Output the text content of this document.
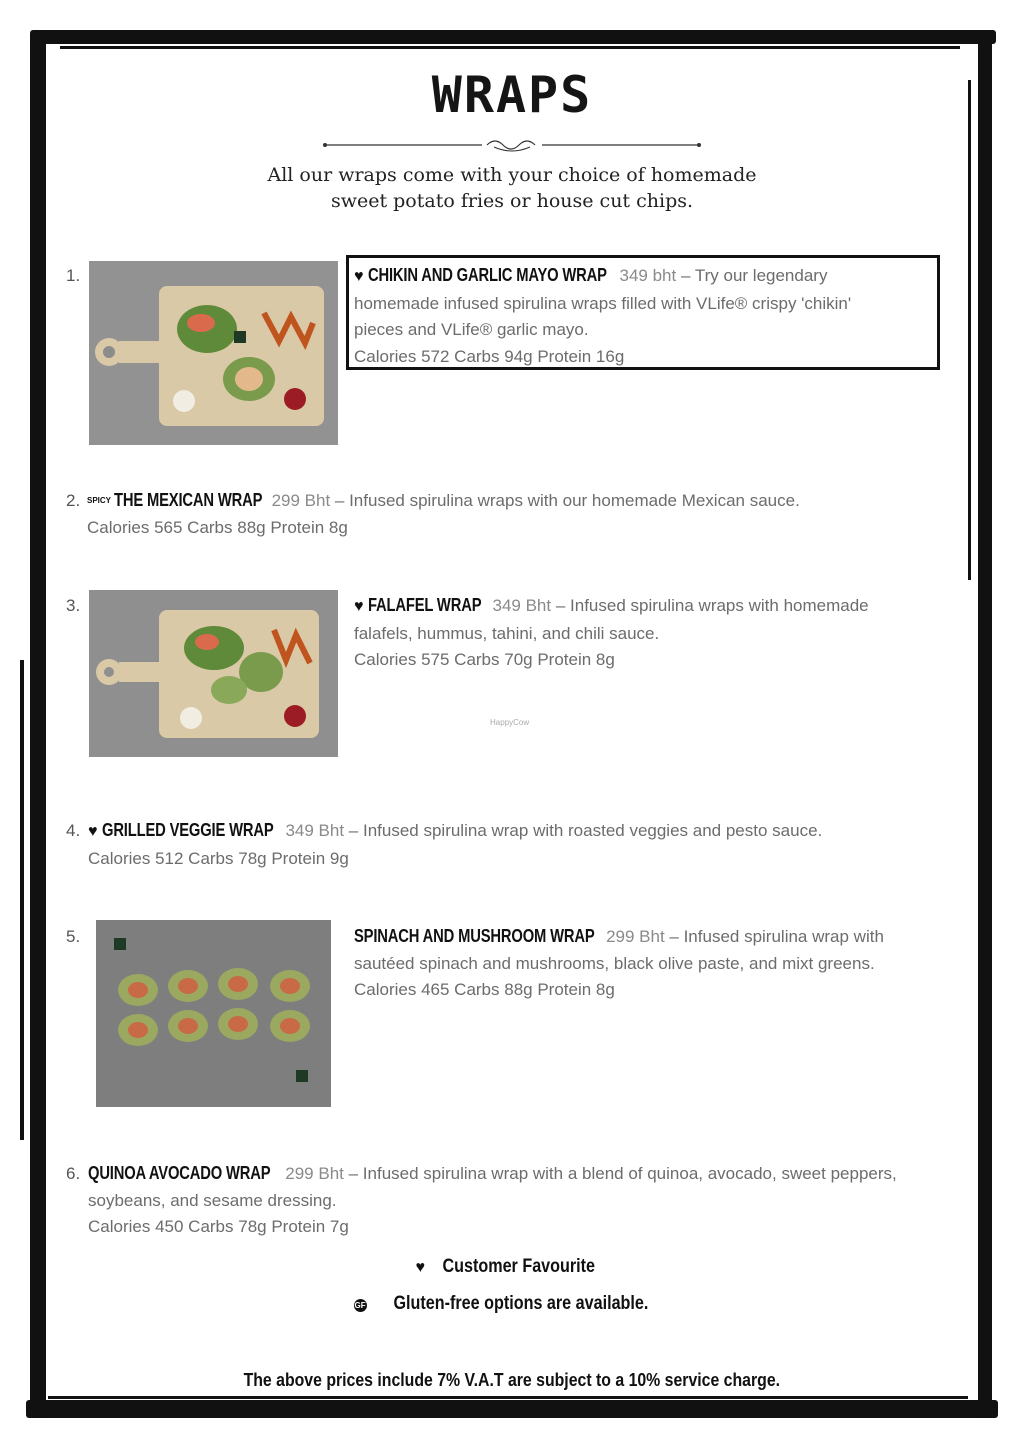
WRAPS
All our wraps come with your choice of homemade
sweet potato fries or house cut chips.
1.	♥ CHIKIN AND GARLIC MAYO WRAP 349 bht – Try our legendary
homemade infused spirulina wraps filled with VLife® crispy 'chikin'
pieces and VLife® garlic mayo.
Calories 572 Carbs 94g Protein 16g
2. SPICY THE MEXICAN WRAP 299 Bht – Infused spirulina wraps with our homemade Mexican sauce.
Calories 565 Carbs 88g Protein 8g
3.	♥ FALAFEL WRAP 349 Bht – Infused spirulina wraps with homemade
falafels, hummus, tahini, and chili sauce.
Calories 575 Carbs 70g Protein 8g
HappyCow
4. ♥ GRILLED VEGGIE WRAP 349 Bht – Infused spirulina wrap with roasted veggies and pesto sauce.
Calories 512 Carbs 78g Protein 9g
5.	SPINACH AND MUSHROOM WRAP 299 Bht – Infused spirulina wrap with
sautéed spinach and mushrooms, black olive paste, and mixt greens.
Calories 465 Carbs 88g Protein 8g
6. QUINOA AVOCADO WRAP 299 Bht – Infused spirulina wrap with a blend of quinoa, avocado, sweet peppers,
soybeans, and sesame dressing.
Calories 450 Carbs 78g Protein 7g
♥ Customer Favourite
GF Gluten-free options are available.
The above prices include 7% V.A.T are subject to a 10% service charge.
